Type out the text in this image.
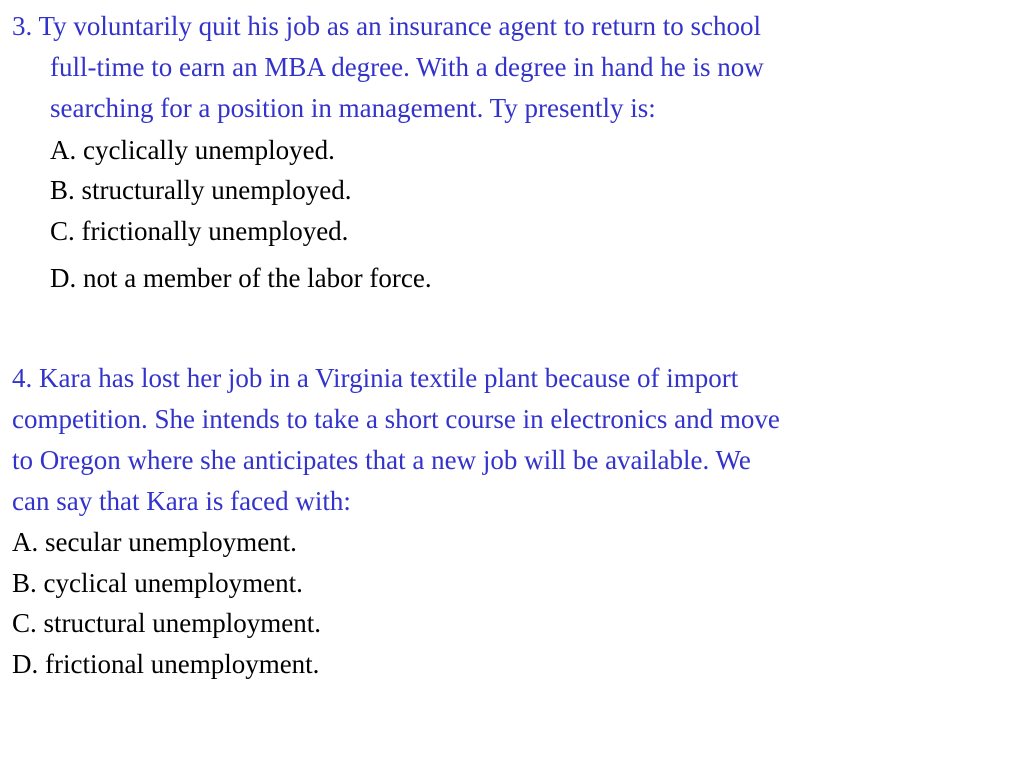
3. Ty voluntarily quit his job as an insurance agent to return to school
full-time to earn an MBA degree. With a degree in hand he is now
searching for a position in management. Ty presently is:
A. cyclically unemployed.
B. structurally unemployed.
C. frictionally unemployed.
D. not a member of the labor force.
4. Kara has lost her job in a Virginia textile plant because of import
competition. She intends to take a short course in electronics and move
to Oregon where she anticipates that a new job will be available. We
can say that Kara is faced with:
A. secular unemployment.
B. cyclical unemployment.
C. structural unemployment.
D. frictional unemployment.
